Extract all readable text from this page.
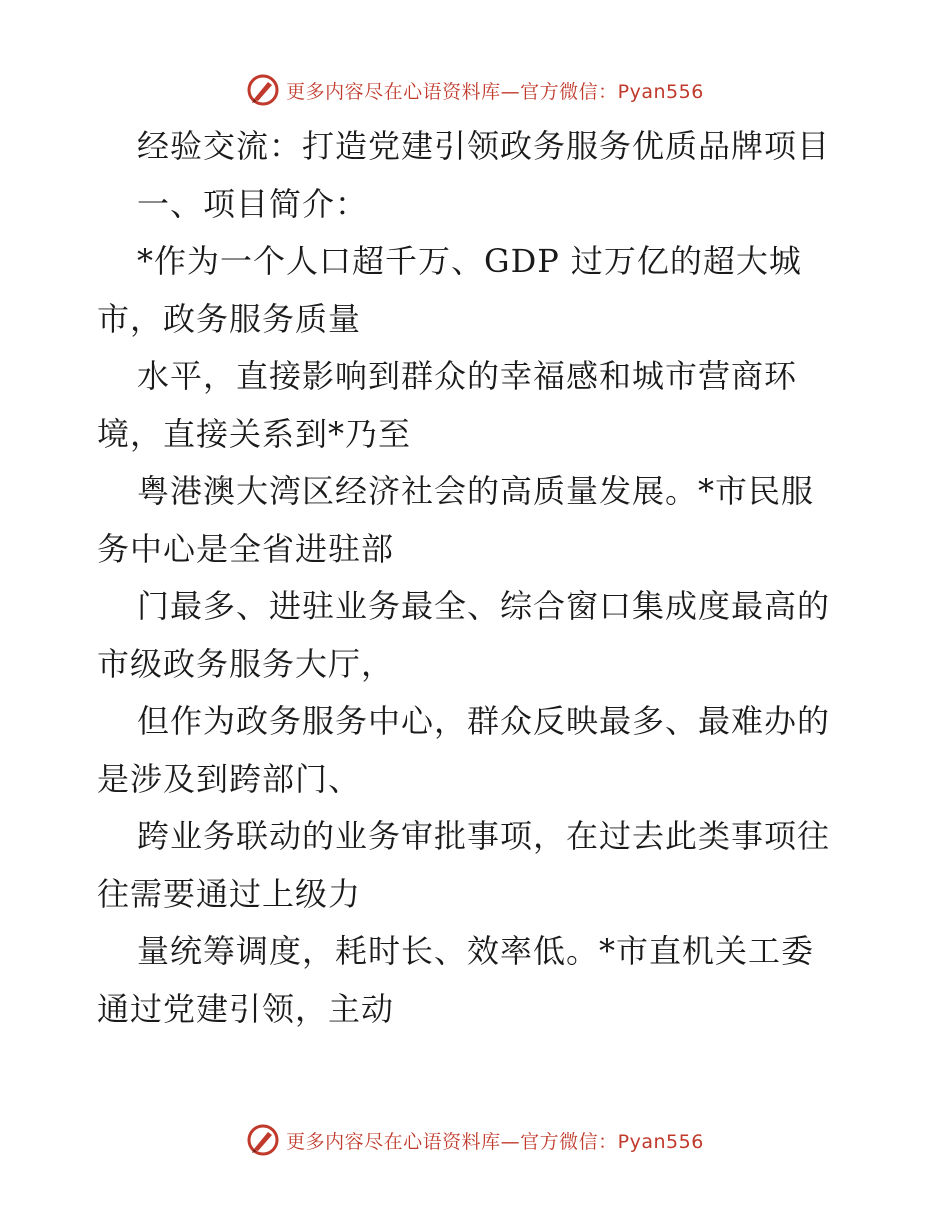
更多内容尽在心语资料库—官方微信：Pyan556
经验交流：打造党建引领政务服务优质品牌项目
一、项目简介：
*作为一个人口超千万、GDP 过万亿的超大城
市，政务服务质量
水平，直接影响到群众的幸福感和城市营商环
境，直接关系到*乃至
粤港澳大湾区经济社会的高质量发展。*市民服
务中心是全省进驻部
门最多、进驻业务最全、综合窗口集成度最高的
市级政务服务大厅，
但作为政务服务中心，群众反映最多、最难办的
是涉及到跨部门、
跨业务联动的业务审批事项，在过去此类事项往
往需要通过上级力
量统筹调度，耗时长、效率低。*市直机关工委
通过党建引领，主动
更多内容尽在心语资料库—官方微信：Pyan556
